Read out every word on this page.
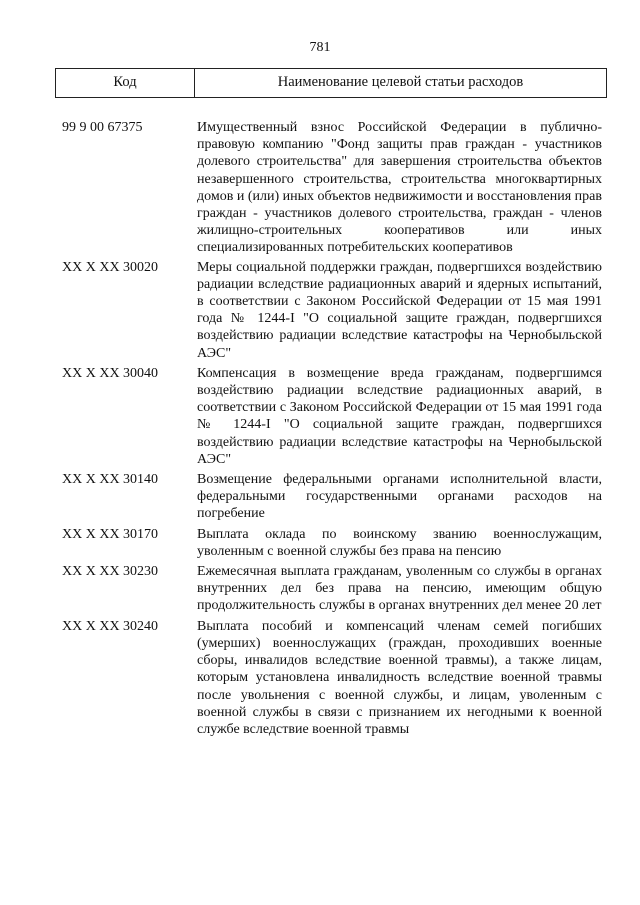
781
Код	Наименование целевой статьи расходов
99 9 00 67375	Имущественный взнос Российской Федерации в публично-правовую компанию "Фонд защиты прав граждан - участников долевого строительства" для завершения строительства объектов незавершенного строительства, строительства многоквартирных домов и (или) иных объектов недвижимости и восстановления прав граждан - участников долевого строительства, граждан - членов жилищно-строительных кооперативов или иных специализированных потребительских кооперативов
XX X XX 30020	Меры социальной поддержки граждан, подвергшихся воздействию радиации вследствие радиационных аварий и ядерных испытаний, в соответствии с Законом Российской Федерации от 15 мая 1991 года № 1244-I "О социальной защите граждан, подвергшихся воздействию радиации вследствие катастрофы на Чернобыльской АЭС"
XX X XX 30040	Компенсация в возмещение вреда гражданам, подвергшимся воздействию радиации вследствие радиационных аварий, в соответствии с Законом Российской Федерации от 15 мая 1991 года № 1244-I "О социальной защите граждан, подвергшихся воздействию радиации вследствие катастрофы на Чернобыльской АЭС"
XX X XX 30140	Возмещение федеральными органами исполнительной власти, федеральными государственными органами расходов на погребение
XX X XX 30170	Выплата оклада по воинскому званию военнослужащим, уволенным с военной службы без права на пенсию
XX X XX 30230	Ежемесячная выплата гражданам, уволенным со службы в органах внутренних дел без права на пенсию, имеющим общую продолжительность службы в органах внутренних дел менее 20 лет
XX X XX 30240	Выплата пособий и компенсаций членам семей погибших (умерших) военнослужащих (граждан, проходивших военные сборы, инвалидов вследствие военной травмы), а также лицам, которым установлена инвалидность вследствие военной травмы после увольнения с военной службы, и лицам, уволенным с военной службы в связи с признанием их негодными к военной службе вследствие военной травмы
